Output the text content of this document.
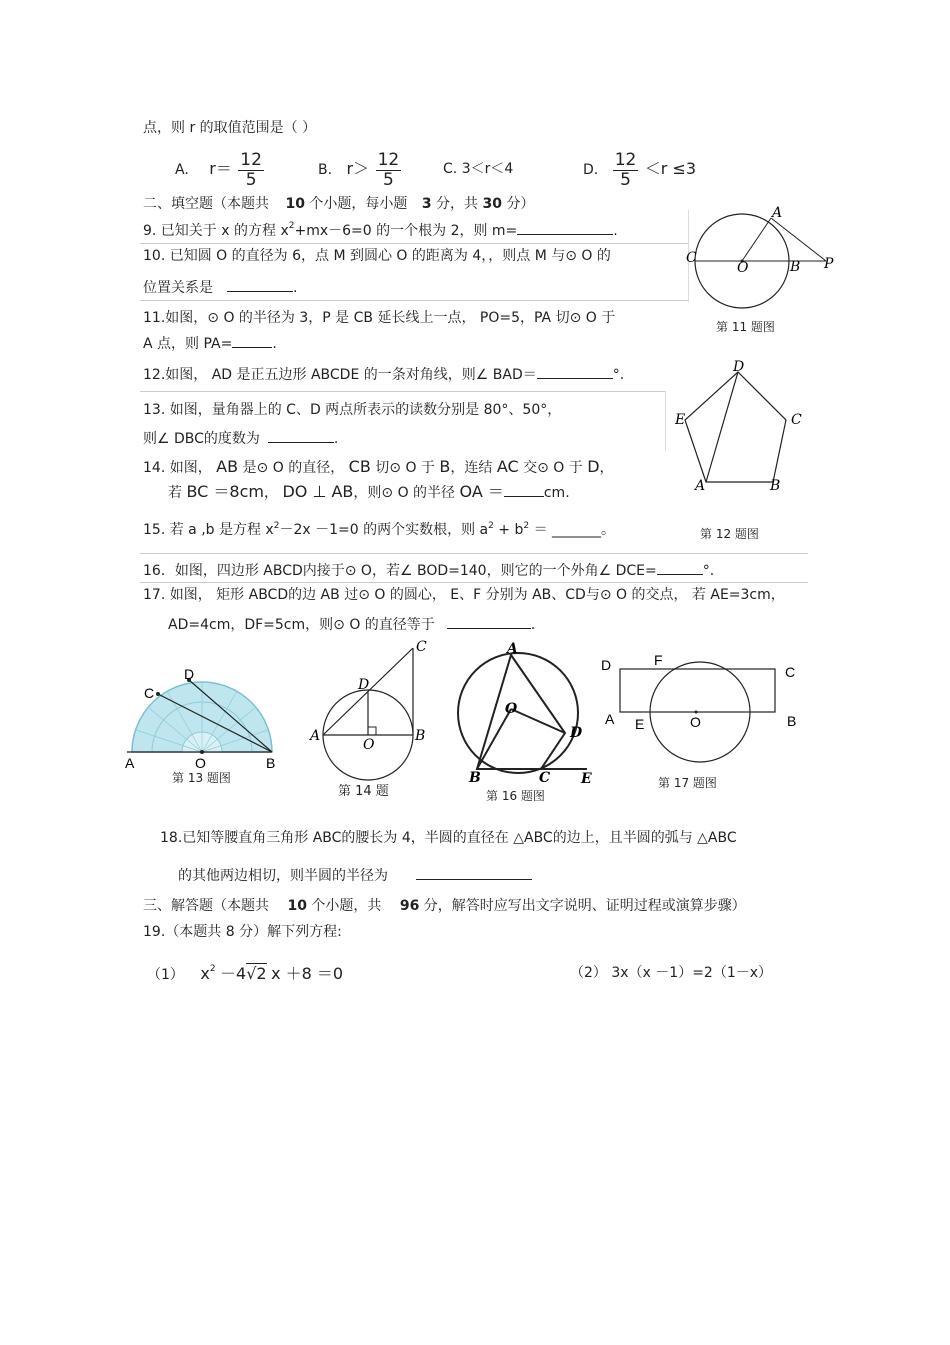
点，则 r 的取值范围是（ ）
A. $r= \frac{12}{5}$	B. $r> \frac{12}{5}$	C. 3＜r＜4	D. $\frac{12}{5} <r \le 3$
二、填空题（本题共 10 个小题，每小题 3 分，共 30 分）
9. 已知关于 x 的方程 $x^2+mx-6=0$ 的一个根为 2，则 m=	.
10. 已知圆 O 的直径为 6，点 M 到圆心 O 的距离为 4，，则点 M 与⊙ O 的
位置关系是	.
11.如图，⊙ O 的半径为 3，P 是 CB 延长线上一点， PO=5，PA 切⊙ O 于
A 点，则 PA=	.
12.如图， AD 是正五边形 ABCDE 的一条对角线，则∠ BAD＝	°.
13. 如图，量角器上的 C、D 两点所表示的读数分别是 80°、50°，
则∠ DBC的度数为	.
14. 如图， AB 是⊙ O 的直径， CB 切⊙ O 于 B，连结 AC 交⊙ O 于 D，
若 BC ＝8cm， DO ⊥ AB，则⊙ O 的半径 OA ＝	cm.
15. 若 a ,b 是方程 $x^2-2x -1=0$ 的两个实数根，则 $a^2 + b^2$ ＝ _______。
16．如图，四边形 ABCD内接于⊙ O，若∠ BOD=140，则它的一个外角∠ DCE=	°.
17. 如图， 矩形 ABCD的边 AB 过⊙ O 的圆心， E、F 分别为 AB、CD与⊙ O 的交点， 若 AE=3cm，
AD=4cm，DF=5cm，则⊙ O 的直径等于	.
A
C
O	B P
第 11 题图
D
E	C
A	B
第 12 题图
D
C
A	O	B
第 13 题图
C
D
A
O
B
第 14 题
A
O
D
B	C E
第 16 题图
D	F
C
A E	O	B
第 17 题图
18.已知等腰直角三角形 ABC的腰长为 4，半圆的直径在 △ABC的边上，且半圆的弧与 △ABC
的其他两边相切，则半圆的半径为
三、解答题（本题共 10 个小题，共 96 分，解答时应写出文字说明、证明过程或演算步骤）
19.（本题共 8 分）解下列方程:
（1） $x^2 -4√2$ x ＋8 ＝0	（2） 3x（x －1）=2（1－x）
